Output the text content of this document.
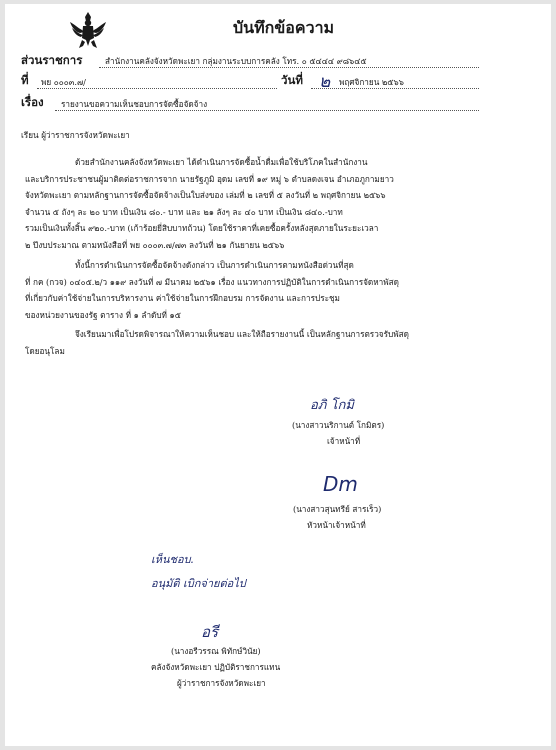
บันทึกข้อความ
ส่วนราชการ	สำนักงานคลังจังหวัดพะเยา กลุ่มงานระบบการคลัง โทร. ๐ ๕๔๔๔ ๙๘๖๔๕
ที่ พย ๐๐๐๓.๗/	วันที่ ๒ พฤศจิกายน ๒๕๖๖
เรื่อง รายงานขอความเห็นชอบการจัดซื้อจัดจ้าง
เรียน ผู้ว่าราชการจังหวัดพะเยา
ด้วยสำนักงานคลังจังหวัดพะเยา ได้ดำเนินการจัดซื้อน้ำดื่มเพื่อใช้บริโภคในสำนักงาน
และบริการประชาชนผู้มาติดต่อราชการจาก นายรัฐภูมิ อุดม เลขที่ ๑๙ หมู่ ๖ ตำบลดงเจน อำเภอภูกามยาว
จังหวัดพะเยา ตามหลักฐานการจัดซื้อจัดจ้างเป็นใบส่งของ เล่มที่ ๒ เลขที่ ๕ ลงวันที่ ๒ พฤศจิกายน ๒๕๖๖
จำนวน ๕ ถังๆ ละ ๒๐ บาท เป็นเงิน ๘๐.- บาท และ ๒๑ ลังๆ ละ ๔๐ บาท เป็นเงิน ๘๔๐.-บาท
รวมเป็นเงินทั้งสิ้น ๙๒๐.-บาท (เก้าร้อยยี่สิบบาทถ้วน) โดยใช้ราคาที่เคยซื้อครั้งหลังสุดภายในระยะเวลา
๒ ปีงบประมาณ ตามหนังสือที่ พย ๐๐๐๓.๗/๗๓ ลงวันที่ ๒๑ กันยายน ๒๕๖๖
ทั้งนี้การดำเนินการจัดซื้อจัดจ้างดังกล่าว เป็นการดำเนินการตามหนังสือด่วนที่สุด
ที่ กค (กวจ) ๐๔๐๕.๒/ว ๑๑๙ ลงวันที่ ๗ มีนาคม ๒๕๖๑ เรื่อง แนวทางการปฏิบัติในการดำเนินการจัดหาพัสดุ
ที่เกี่ยวกับค่าใช้จ่ายในการบริหารงาน ค่าใช้จ่ายในการฝึกอบรม การจัดงาน และการประชุม
ของหน่วยงานของรัฐ ตาราง ที่ ๑ ลำดับที่ ๑๕
จึงเรียนมาเพื่อโปรดพิจารณาให้ความเห็นชอบ และให้ถือรายงานนี้ เป็นหลักฐานการตรวจรับพัสดุ
โดยอนุโลม
อภิ โกมิ
(นางสาวนริกานต์ โกมิตร)
เจ้าหน้าที่
Dm
(นางสาวสุนทรีย์ สารเร็ว)
หัวหน้าเจ้าหน้าที่
เห็นชอบ.
อนุมัติ เบิกจ่ายต่อไป
อรี
(นางอรีวรรณ พิทักษ์วินัย)
คลังจังหวัดพะเยา ปฏิบัติราชการแทน
ผู้ว่าราชการจังหวัดพะเยา
